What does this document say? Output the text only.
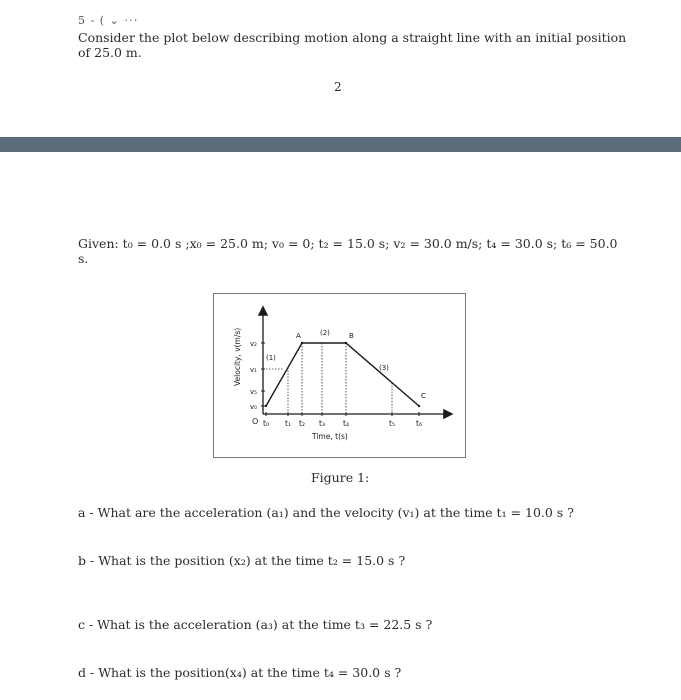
5 - ( ⌄ ⋅⋅⋅
Consider the plot below describing motion along a straight line with an initial position of 25.0 m.
2
Given: t₀ = 0.0 s ;x₀ = 25.0 m; v₀ = 0; t₂ = 15.0 s; v₂ = 30.0 m/s; t₄ = 30.0 s; t₆ = 50.0 s.
Velocity, v(m/s)
Time, t(s)
O t₀ t₁ t₂ t₃ t₄	t₅	t₆
v₀
v₅
v₁
v₂
A	B
C
(1)
(2)
(3)
Figure 1:
a - What are the acceleration (a₁) and the velocity (v₁) at the time t₁ = 10.0 s ?
b - What is the position (x₂) at the time t₂ = 15.0 s ?
c - What is the acceleration (a₃) at the time t₃ = 22.5 s ?
d - What is the position(x₄) at the time t₄ = 30.0 s ?
